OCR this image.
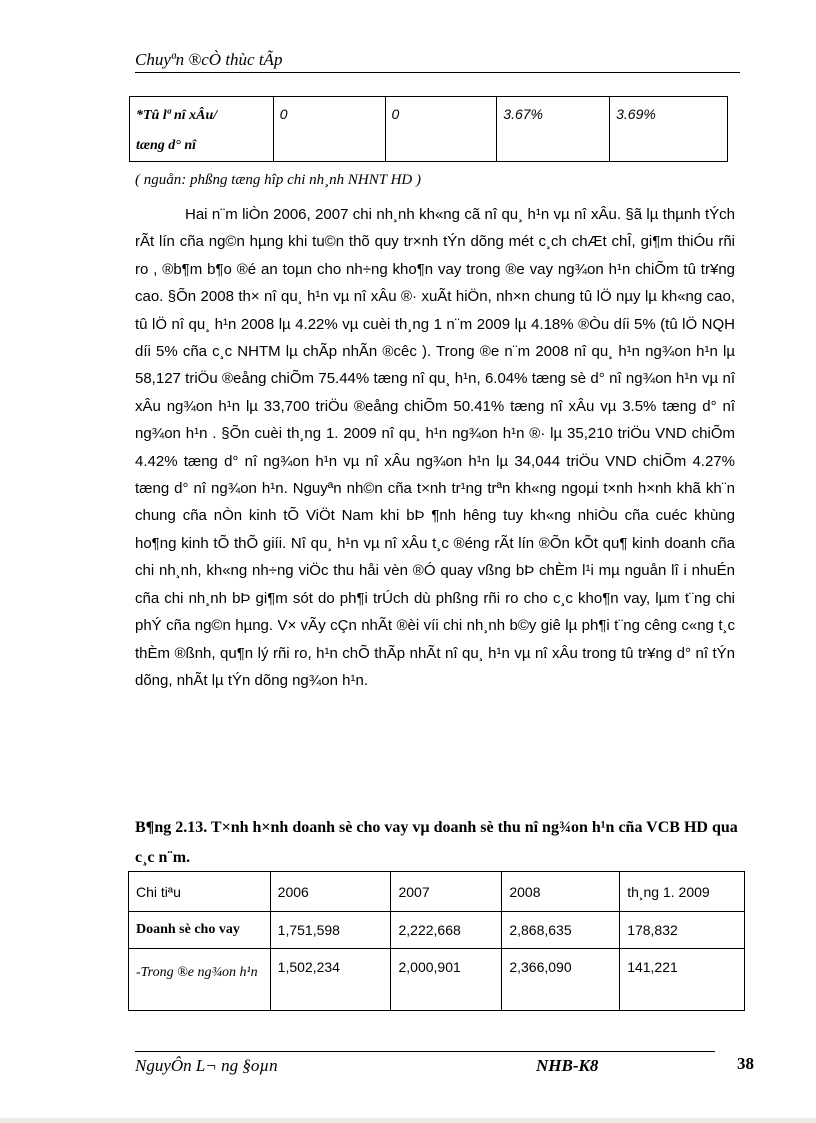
Chuyªn ®cÒ thùc tÃp
*Tû lª nî xÂu/
tæng d° nî	0	0	3.67%	3.69%
( nguån: phßng tæng hîp chi nh¸nh NHNT HD )

Hai n¨m liÒn 2006, 2007 chi nh¸nh kh«ng cã nî qu¸ h¹n vµ nî xÂu. §ã lµ thµnh tÝch rÃt lín cña ng©n hµng khi tu©n thõ quy tr×nh tÝn dõng mét c¸ch chÆt chÎ, gi¶m thiÓu rñi ro , ®b¶m b¶o ®é an toµn cho nh÷ng kho¶n vay trong ®e vay ng¾on h¹n chiÕm tû tr¥ng cao. §Õn 2008 th× nî qu¸ h¹n vµ nî xÂu ®· xuÃt hiÖn, nh×n chung tû lÖ nµy lµ kh«ng cao, tû lÖ nî qu¸ h¹n 2008 lµ 4.22% vµ cuèi th¸ng 1 n¨m 2009 lµ 4.18% ®Òu díi 5% (tû lÖ NQH díi 5% cña c¸c NHTM lµ chÃp nhÃn ®cêc ). Trong ®e n¨m 2008 nî qu¸ h¹n ng¾on h¹n lµ 58,127 triÖu ®eång chiÕm 75.44% tæng nî qu¸ h¹n, 6.04% tæng sè d° nî ng¾on h¹n vµ nî xÂu ng¾on h¹n lµ 33,700 triÖu ®eång chiÕm 50.41% tæng nî xÂu vµ 3.5% tæng d° nî ng¾on h¹n . §Õn cuèi th¸ng 1. 2009 nî qu¸ h¹n ng¾on h¹n ®· lµ 35,210 triÖu VND chiÕm 4.42% tæng d° nî ng¾on h¹n vµ nî xÂu ng¾on h¹n lµ 34,044 triÖu VND chiÕm 4.27% tæng d° nî ng¾on h¹n. Nguyªn nh©n cña t×nh tr¹ng trªn kh«ng ngoµi t×nh h×nh khã kh¨n chung cña nÒn kinh tÕ ViÖt Nam khi bÞ ¶nh hêng tuy kh«ng nhiÒu cña cuéc khùng ho¶ng kinh tÕ thÕ giíi. Nî qu¸ h¹n vµ nî xÂu t¸c ®éng rÃt lín ®Õn kÕt qu¶ kinh doanh cña chi nh¸nh, kh«ng nh÷ng viÖc thu håi vèn ®Ó quay vßng bÞ chÈm l¹i mµ nguån lî i nhuÉn cña chi nh¸nh bÞ gi¶m sót do ph¶i trÚch dù phßng rñi ro cho c¸c kho¶n vay, lµm t¨ng chi phÝ cña ng©n hµng. V× vÃy cÇn nhÃt ®èi víi chi nh¸nh b©y giê lµ ph¶i t¨ng cêng c«ng t¸c thÈm ®ßnh, qu¶n lý rñi ro, h¹n chÕ thÃp nhÃt nî qu¸ h¹n vµ nî xÂu trong tû tr¥ng d° nî tÝn dõng, nhÃt lµ tÝn dõng ng¾on h¹n.

B¶ng 2.13. T×nh h×nh doanh sè cho vay vµ doanh sè thu nî ng¾on h¹n cña VCB HD qua c¸c n¨m.

Chi tiªu	2006	2007	2008	th¸ng 1. 2009
Doanh sè cho vay	1,751,598	2,222,668	2,868,635	178,832
-Trong ®e ng¾on h¹n	1,502,234	2,000,901	2,366,090	141,221
NguyÔn L¬ ng §oµn	NHB-K8	38
